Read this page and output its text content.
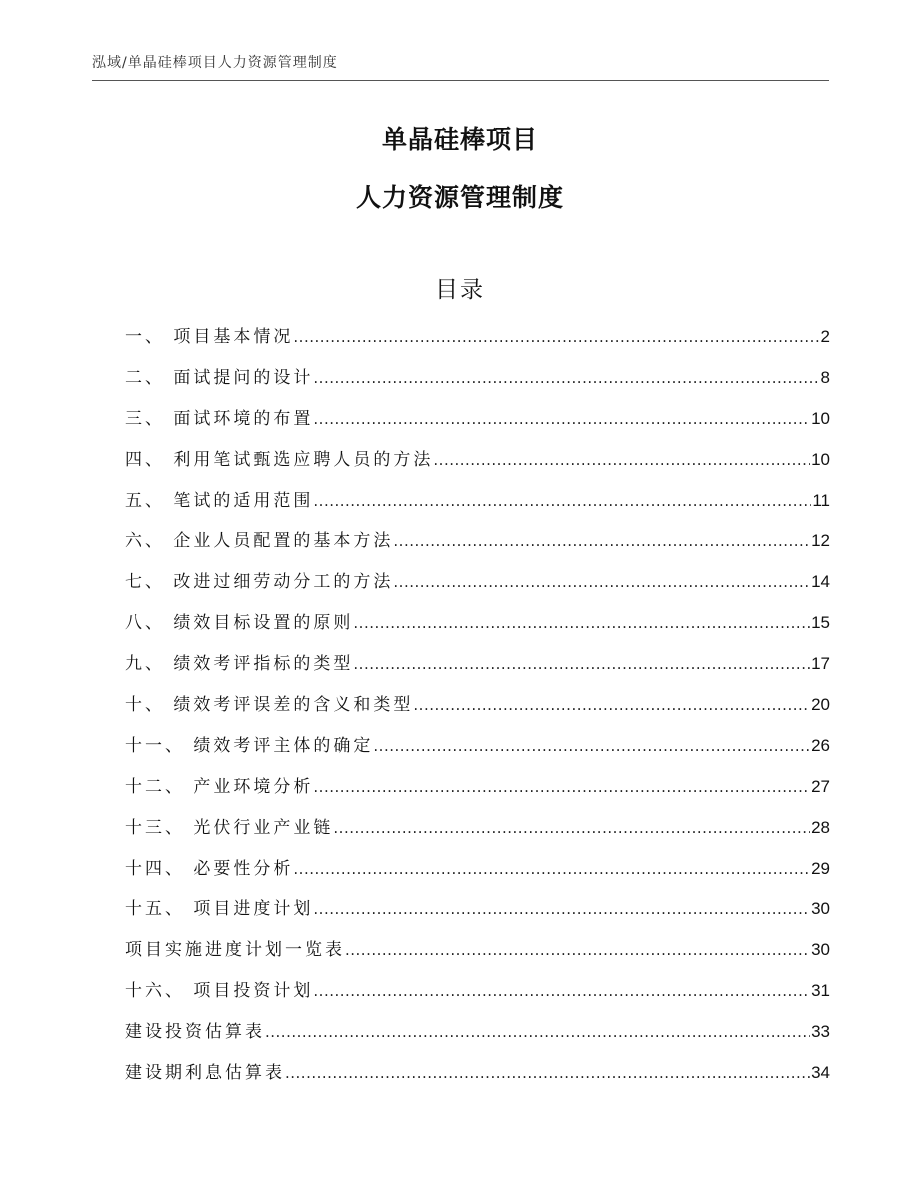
泓域/单晶硅棒项目人力资源管理制度
单晶硅棒项目
人力资源管理制度
目录
一、 项目基本情况 .....	2
二、 面试提问的设计 .....	8
三、 面试环境的布置 .....	10
四、 利用笔试甄选应聘人员的方法 .....	10
五、 笔试的适用范围 .....	11
六、 企业人员配置的基本方法 .....	12
七、 改进过细劳动分工的方法 .....	14
八、 绩效目标设置的原则 .....	15
九、 绩效考评指标的类型 .....	17
十、 绩效考评误差的含义和类型 .....	20
十一、 绩效考评主体的确定 .....	26
十二、 产业环境分析 .....	27
十三、 光伏行业产业链 .....	28
十四、 必要性分析 .....	29
十五、 项目进度计划 .....	30
项目实施进度计划一览表 .....	30
十六、 项目投资计划 .....	31
建设投资估算表 .....	33
建设期利息估算表 .....	34
